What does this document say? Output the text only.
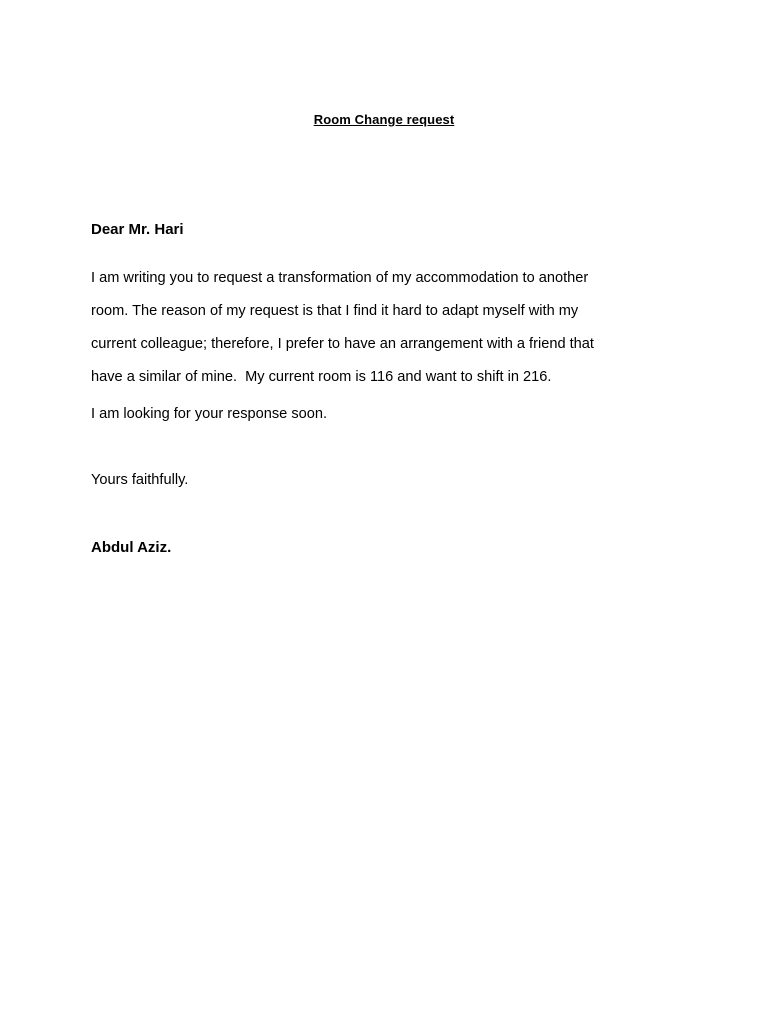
Room Change request
Dear Mr. Hari
I am writing you to request a transformation of my accommodation to another
room. The reason of my request is that I find it hard to adapt myself with my
current colleague; therefore, I prefer to have an arrangement with a friend that
have a similar of mine.  My current room is 116 and want to shift in 216.
I am looking for your response soon.
Yours faithfully.
Abdul Aziz.
